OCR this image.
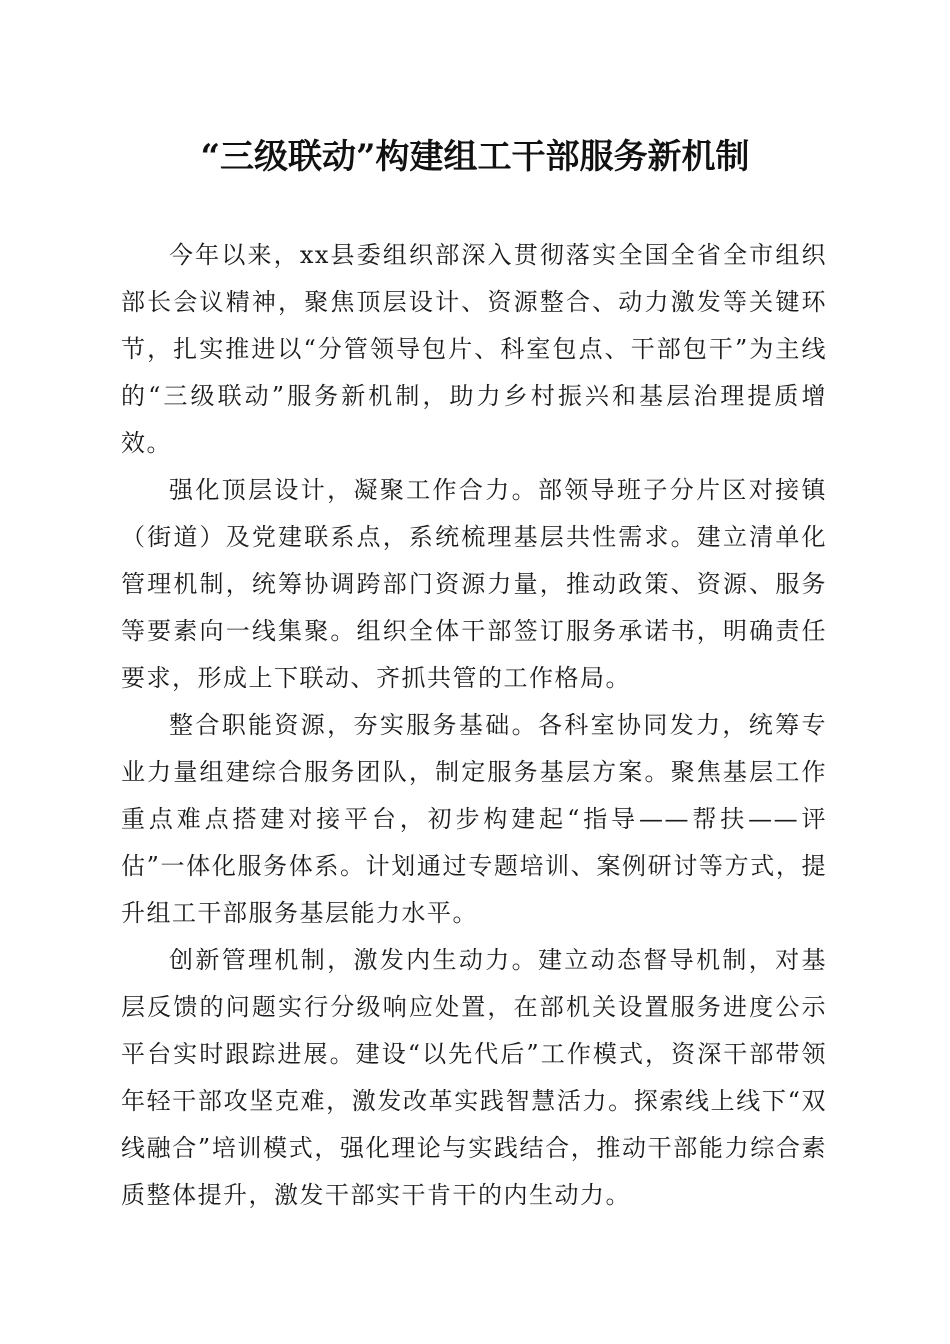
“三级联动”构建组工干部服务新机制

今年以来，xx县委组织部深入贯彻落实全国全省全市组织部长会议精神，聚焦顶层设计、资源整合、动力激发等关键环节，扎实推进以“分管领导包片、科室包点、干部包干”为主线的“三级联动”服务新机制，助力乡村振兴和基层治理提质增效。

强化顶层设计，凝聚工作合力。部领导班子分片区对接镇（街道）及党建联系点，系统梳理基层共性需求。建立清单化管理机制，统筹协调跨部门资源力量，推动政策、资源、服务等要素向一线集聚。组织全体干部签订服务承诺书，明确责任要求，形成上下联动、齐抓共管的工作格局。

整合职能资源，夯实服务基础。各科室协同发力，统筹专业力量组建综合服务团队，制定服务基层方案。聚焦基层工作重点难点搭建对接平台，初步构建起“指导——帮扶——评估”一体化服务体系。计划通过专题培训、案例研讨等方式，提升组工干部服务基层能力水平。

创新管理机制，激发内生动力。建立动态督导机制，对基层反馈的问题实行分级响应处置，在部机关设置服务进度公示平台实时跟踪进展。建设“以先代后”工作模式，资深干部带领年轻干部攻坚克难，激发改革实践智慧活力。探索线上线下“双线融合”培训模式，强化理论与实践结合，推动干部能力综合素质整体提升，激发干部实干肯干的内生动力。
